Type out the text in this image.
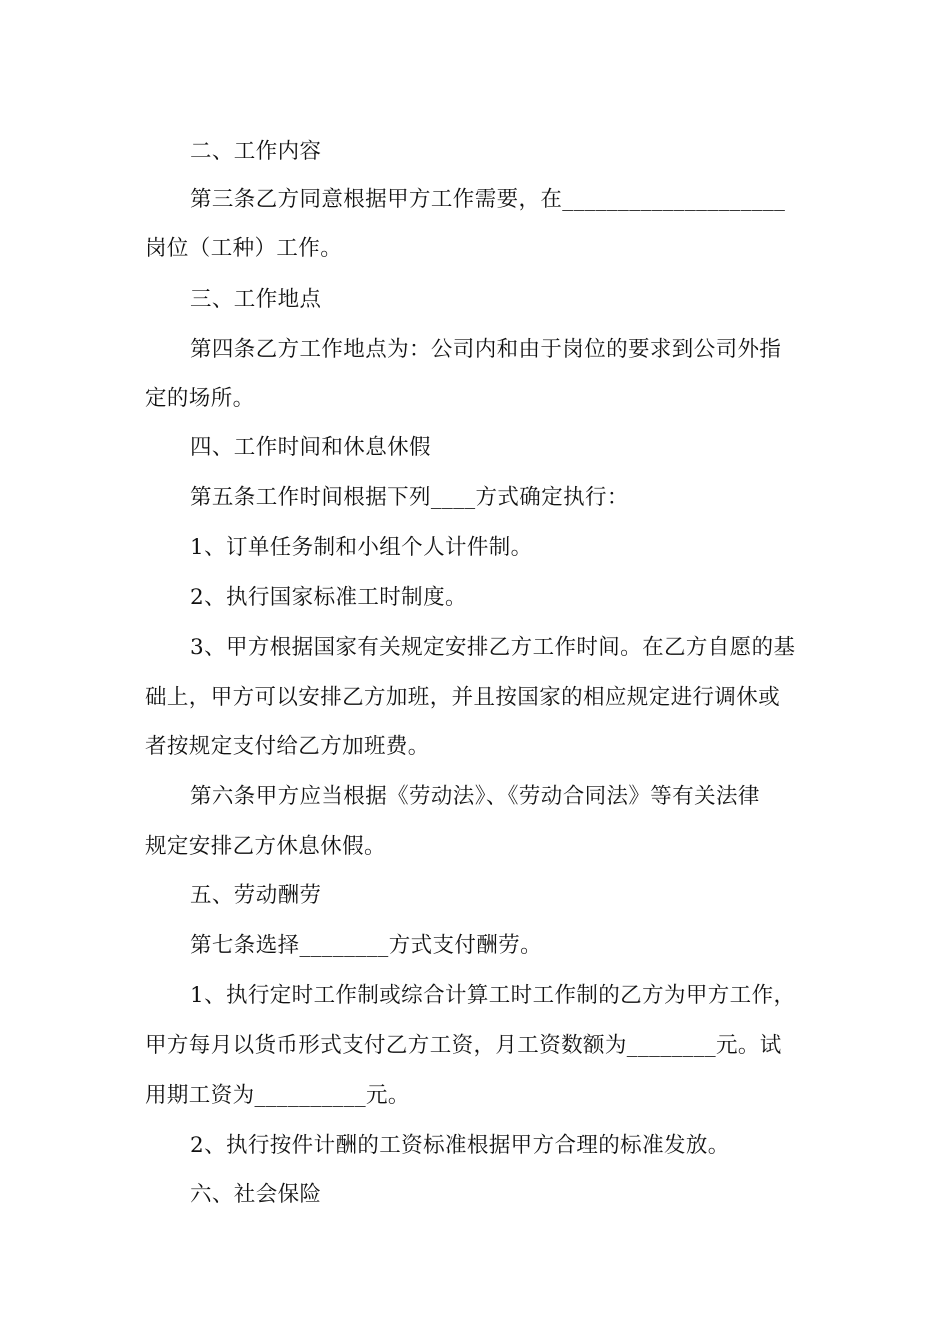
二、工作内容
第三条乙方同意根据甲方工作需要，在____________________
岗位（工种）工作。
三、工作地点
第四条乙方工作地点为：公司内和由于岗位的要求到公司外指
定的场所。
四、工作时间和休息休假
第五条工作时间根据下列____方式确定执行：
1、订单任务制和小组个人计件制。
2、执行国家标准工时制度。
3、甲方根据国家有关规定安排乙方工作时间。在乙方自愿的基
础上，甲方可以安排乙方加班，并且按国家的相应规定进行调休或
者按规定支付给乙方加班费。
第六条甲方应当根据《劳动法》、《劳动合同法》等有关法律
规定安排乙方休息休假。
五、劳动酬劳
第七条选择________方式支付酬劳。
1、执行定时工作制或综合计算工时工作制的乙方为甲方工作，
甲方每月以货币形式支付乙方工资，月工资数额为________元。试
用期工资为__________元。
2、执行按件计酬的工资标准根据甲方合理的标准发放。
六、社会保险
